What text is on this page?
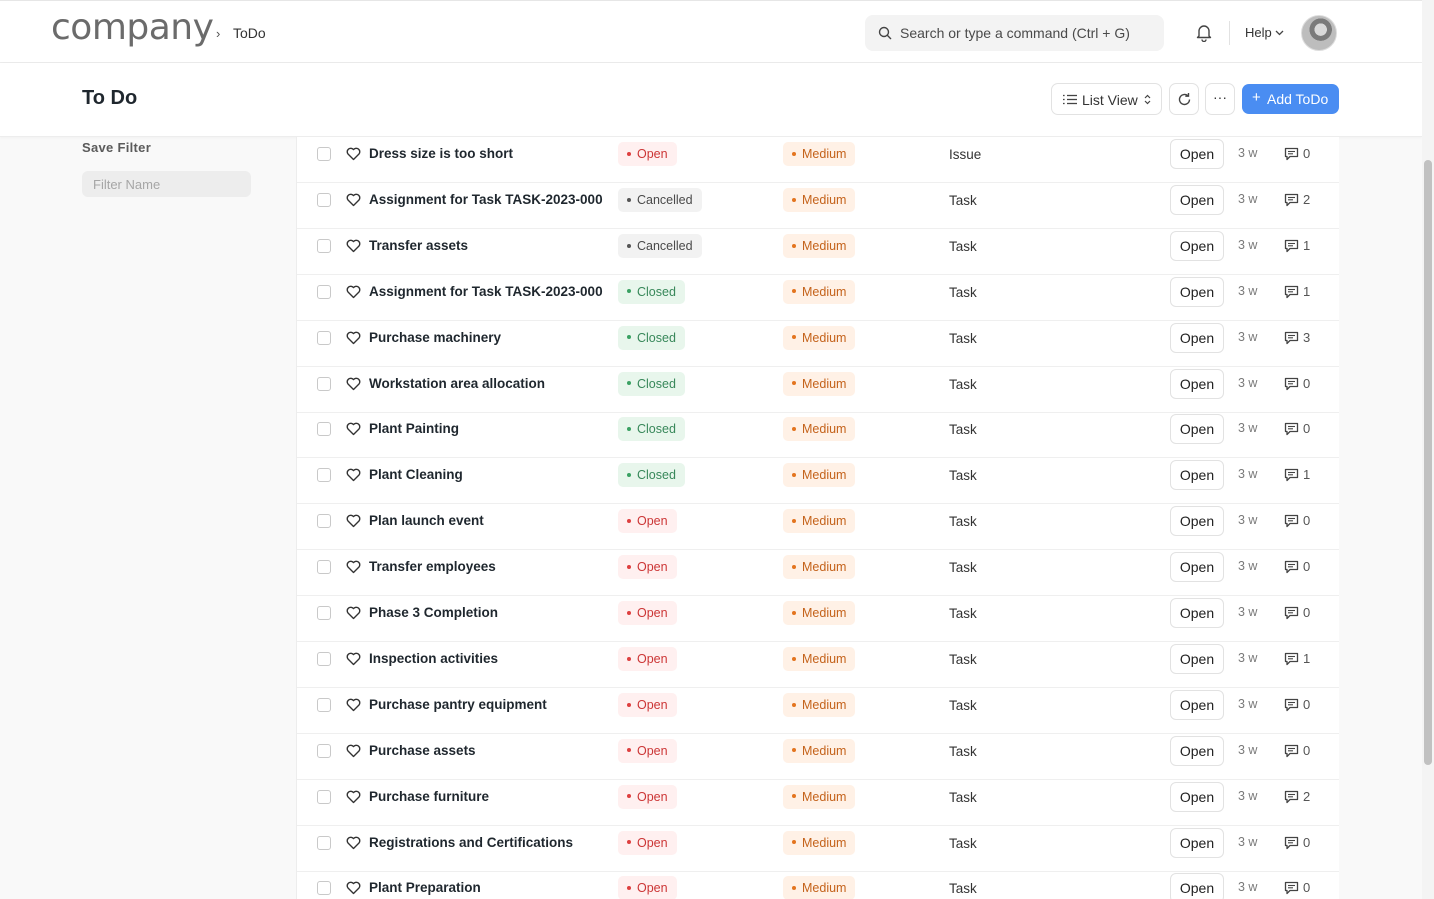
company › ToDo
Search or type a command (Ctrl + G)	Help
To Do	List View	···	+ Add ToDo
Save Filter
Filter Name	Dress size is too short	Open	Medium	Issue	Open	3 w	0
Assignment for Task TASK-2023-000	Cancelled	Medium	Task	Open	3 w	2
Transfer assets	Cancelled	Medium	Task	Open	3 w	1
Assignment for Task TASK-2023-000	Closed	Medium	Task	Open	3 w	1
Purchase machinery	Closed	Medium	Task	Open	3 w	3
Workstation area allocation	Closed	Medium	Task	Open	3 w	0
Plant Painting	Closed	Medium	Task	Open	3 w	0
Plant Cleaning	Closed	Medium	Task	Open	3 w	1
Plan launch event	Open	Medium	Task	Open	3 w	0
Transfer employees	Open	Medium	Task	Open	3 w	0
Phase 3 Completion	Open	Medium	Task	Open	3 w	0
Inspection activities	Open	Medium	Task	Open	3 w	1
Purchase pantry equipment	Open	Medium	Task	Open	3 w	0
Purchase assets	Open	Medium	Task	Open	3 w	0
Purchase furniture	Open	Medium	Task	Open	3 w	2
Registrations and Certifications	Open	Medium	Task	Open	3 w	0
Plant Preparation	Open	Medium	Task	Open	3 w	0
